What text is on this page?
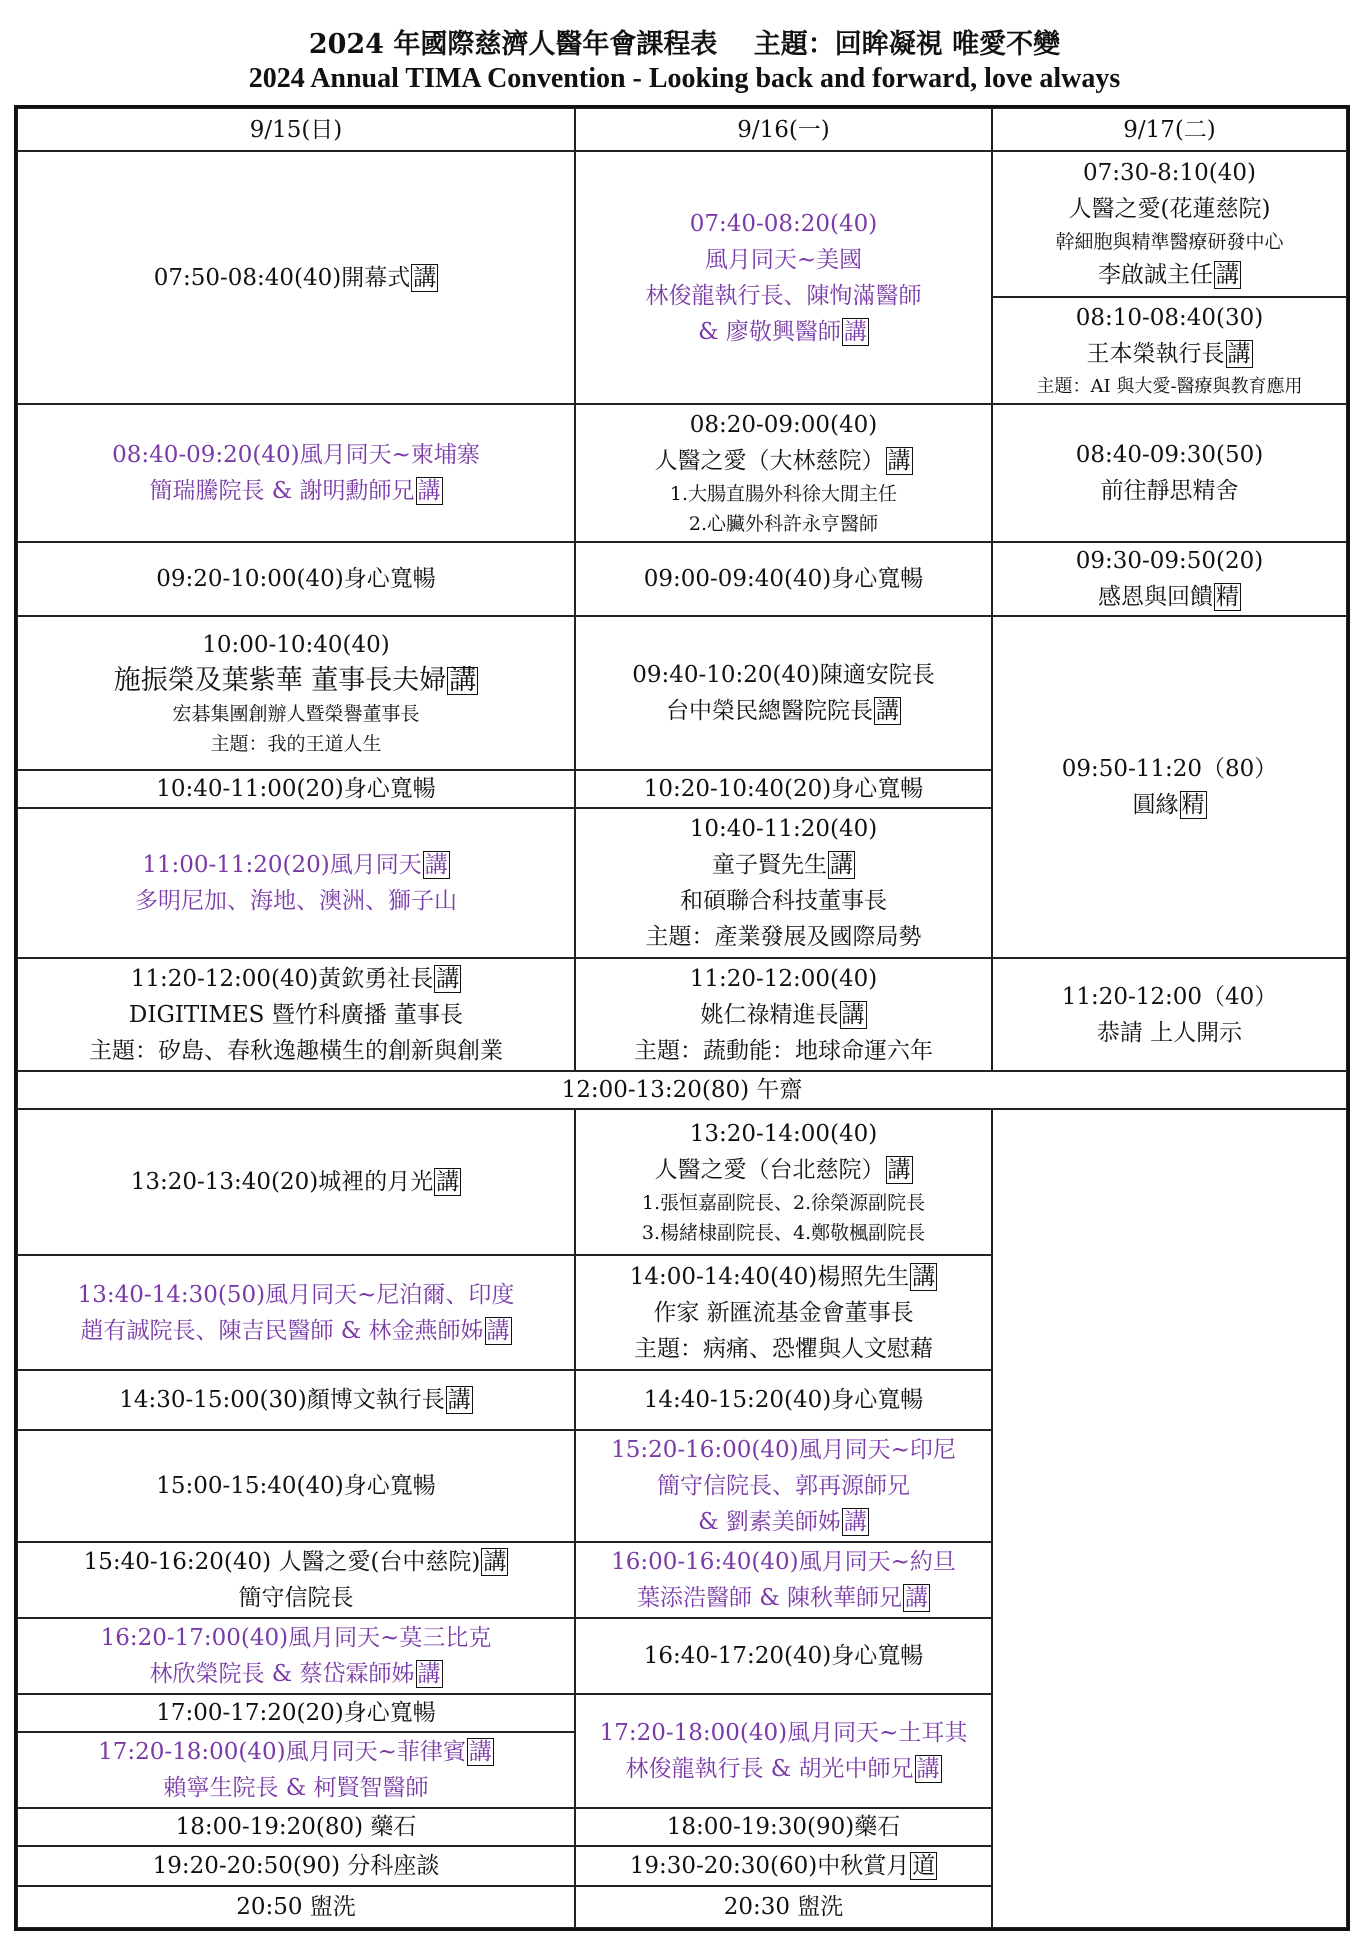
2024 年國際慈濟人醫年會課程表　 主題：回眸凝視 唯愛不變
2024 Annual TIMA Convention - Looking back and forward, love always
9/15(日)	9/16(一)	9/17(二)
07:50-08:40(40)開幕式 講
08:40-09:20(40)風月同天~柬埔寨
簡瑞騰院長 & 謝明勳師兄 講
09:20-10:00(40)身心寬暢
10:00-10:40(40)
施振榮及葉紫華 董事長夫婦 講
宏碁集團創辦人暨榮譽董事長
主題：我的王道人生
10:40-11:00(20)身心寬暢
11:00-11:20(20)風月同天 講
多明尼加、海地、澳洲、獅子山
11:20-12:00(40)黃欽勇社長 講
DIGITIMES 暨竹科廣播 董事長
主題：矽島、春秋逸趣橫生的創新與創業
12:00-13:20(80) 午齋
13:20-13:40(20)城裡的月光 講
13:40-14:30(50)風月同天~尼泊爾、印度
趙有誠院長、陳吉民醫師 & 林金燕師姊 講
14:30-15:00(30)顏博文執行長 講
15:00-15:40(40)身心寬暢
15:40-16:20(40) 人醫之愛(台中慈院) 講
簡守信院長
16:20-17:00(40)風月同天~莫三比克
林欣榮院長 & 蔡岱霖師姊 講
17:00-17:20(20)身心寬暢
17:20-18:00(40)風月同天~菲律賓 講
賴寧生院長 & 柯賢智醫師
18:00-19:20(80) 藥石
19:20-20:50(90) 分科座談
20:50 盥洗
07:40-08:20(40)
風月同天~美國
林俊龍執行長、陳恂滿醫師
& 廖敬興醫師 講
08:20-09:00(40)
人醫之愛（大林慈院） 講
1.大腸直腸外科徐大閒主任
2.心臟外科許永亨醫師
09:00-09:40(40)身心寬暢
09:40-10:20(40)陳適安院長
台中榮民總醫院院長 講
10:20-10:40(20)身心寬暢
10:40-11:20(40)
童子賢先生 講
和碩聯合科技董事長
主題：產業發展及國際局勢
11:20-12:00(40)
姚仁祿精進長 講
主題：蔬動能：地球命運六年
13:20-14:00(40)
人醫之愛（台北慈院） 講
1.張恒嘉副院長、2.徐榮源副院長
3.楊緒棣副院長、4.鄭敬楓副院長
14:00-14:40(40)楊照先生 講
作家 新匯流基金會董事長
主題：病痛、恐懼與人文慰藉
14:40-15:20(40)身心寬暢
15:20-16:00(40)風月同天~印尼
簡守信院長、郭再源師兄
& 劉素美師姊 講
16:00-16:40(40)風月同天~約旦
葉添浩醫師 & 陳秋華師兄 講
16:40-17:20(40)身心寬暢
17:20-18:00(40)風月同天~土耳其
林俊龍執行長 & 胡光中師兄 講
18:00-19:30(90)藥石
19:30-20:30(60)中秋賞月 道
20:30 盥洗
07:30-8:10(40)
人醫之愛(花蓮慈院)
幹細胞與精準醫療研發中心
李啟誠主任 講
08:10-08:40(30)
王本榮執行長 講
主題：AI 與大愛-醫療與教育應用
08:40-09:30(50)
前往靜思精舍
09:30-09:50(20)
感恩與回饋 精
09:50-11:20（80）
圓緣 精
11:20-12:00（40）
恭請 上人開示
